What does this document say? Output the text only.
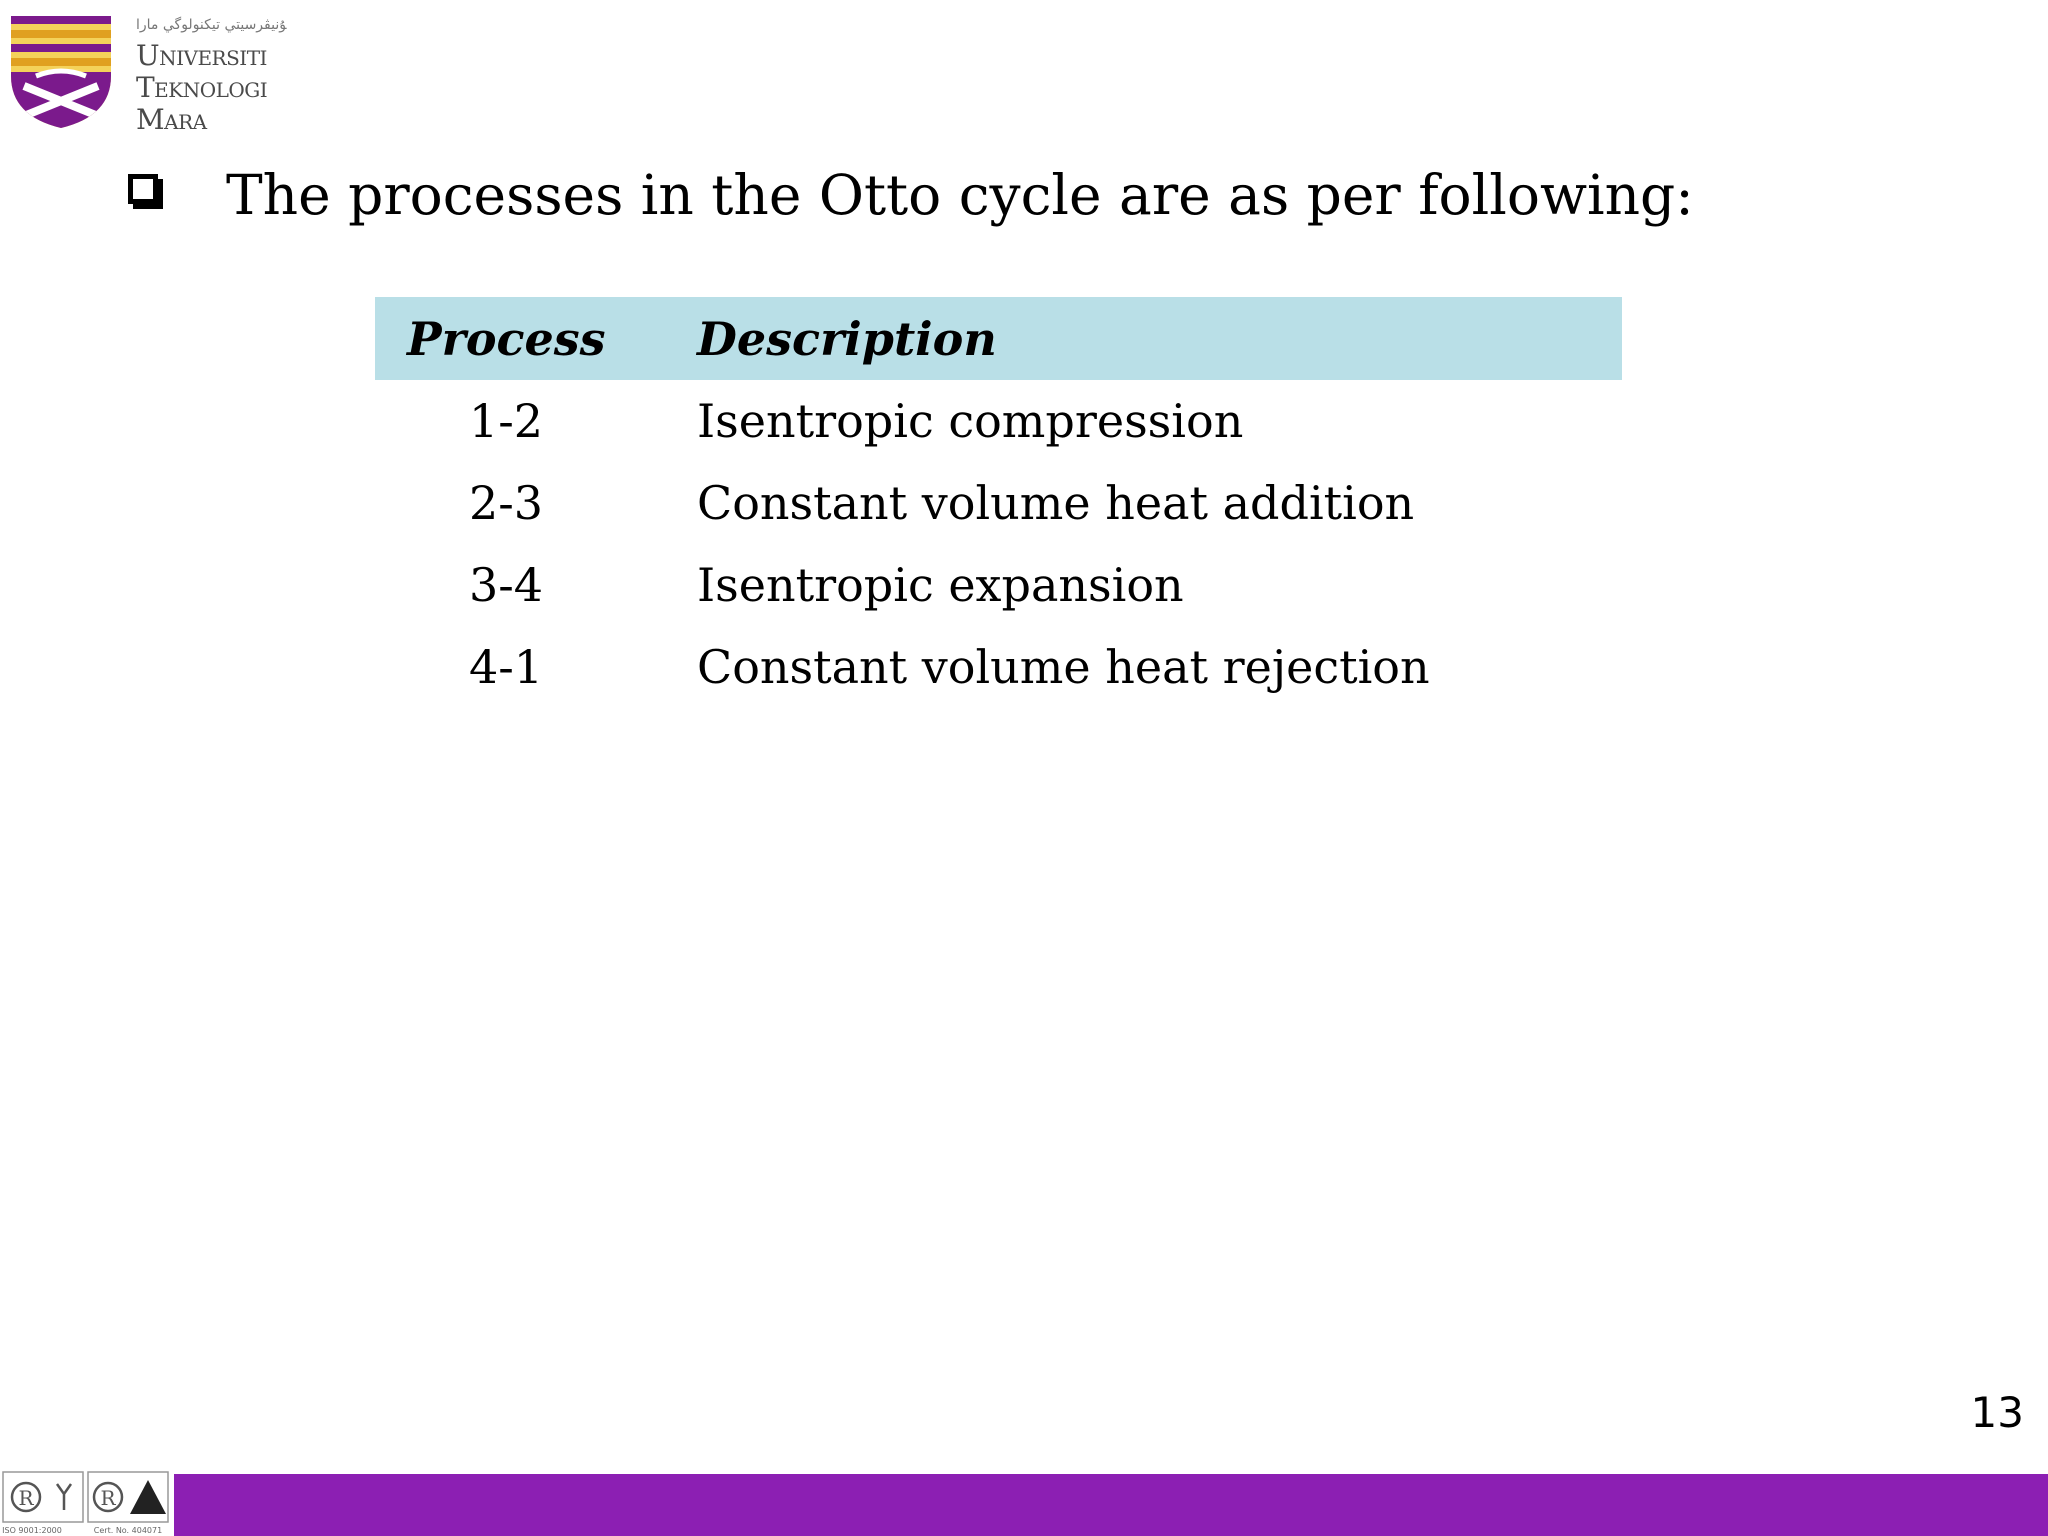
ﯘﻧﯿﭭﺮﺳﯿﺘﻲ ﺗﻴﻜﻨﻮﻟﻮﮔﻲ ﻣﺎرا
Universiti
Teknologi
Mara
The processes in the Otto cycle are as per following:
Process	Description
1-2	Isentropic compression
2-3	Constant volume heat addition
3-4	Isentropic expansion
4-1	Constant volume heat rejection
13
R	R
ISO 9001:2000	Cert. No. 404071
